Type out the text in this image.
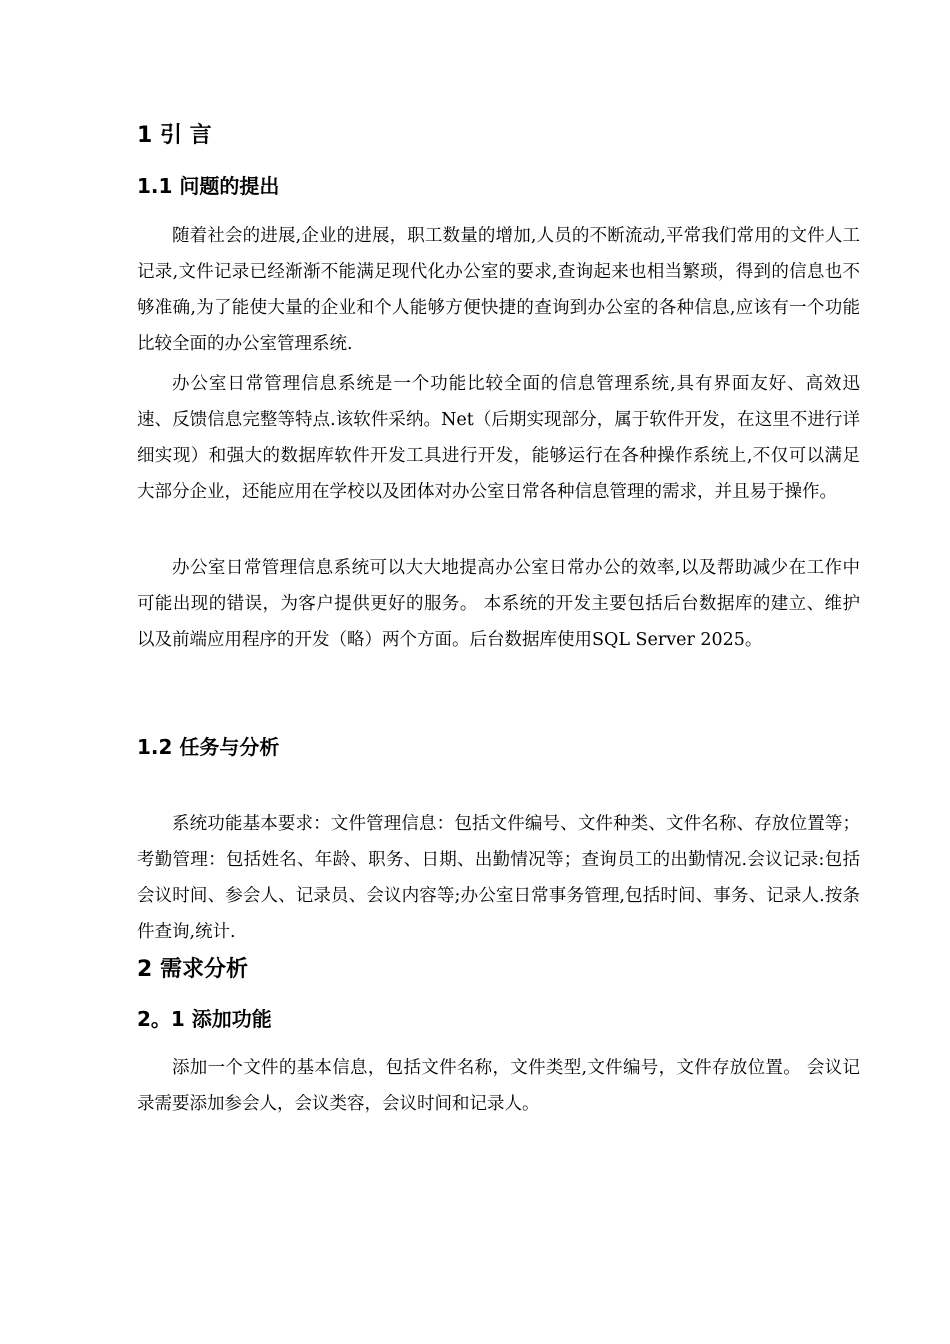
1 引 言
1.1 问题的提出

随着社会的进展,企业的进展，职工数量的增加,人员的不断流动,平常我们常用的文件人工记录,文件记录已经渐渐不能满足现代化办公室的要求,查询起来也相当繁琐，得到的信息也不够准确,为了能使大量的企业和个人能够方便快捷的查询到办公室的各种信息,应该有一个功能比较全面的办公室管理系统.

办公室日常管理信息系统是一个功能比较全面的信息管理系统,具有界面友好、高效迅速、反馈信息完整等特点.该软件采纳。Net（后期实现部分，属于软件开发，在这里不进行详细实现）和强大的数据库软件开发工具进行开发，能够运行在各种操作系统上,不仅可以满足大部分企业，还能应用在学校以及团体对办公室日常各种信息管理的需求，并且易于操作。

办公室日常管理信息系统可以大大地提高办公室日常办公的效率,以及帮助减少在工作中可能出现的错误，为客户提供更好的服务。 本系统的开发主要包括后台数据库的建立、维护以及前端应用程序的开发（略）两个方面。后台数据库使用SQL Server 2025。

1.2 任务与分析

系统功能基本要求：文件管理信息：包括文件编号、文件种类、文件名称、存放位置等；考勤管理：包括姓名、年龄、职务、日期、出勤情况等；查询员工的出勤情况.会议记录:包括会议时间、参会人、记录员、会议内容等;办公室日常事务管理,包括时间、事务、记录人.按条件查询,统计.

2 需求分析
2。1 添加功能

添加一个文件的基本信息，包括文件名称，文件类型,文件编号，文件存放位置。 会议记录需要添加参会人，会议类容，会议时间和记录人。
